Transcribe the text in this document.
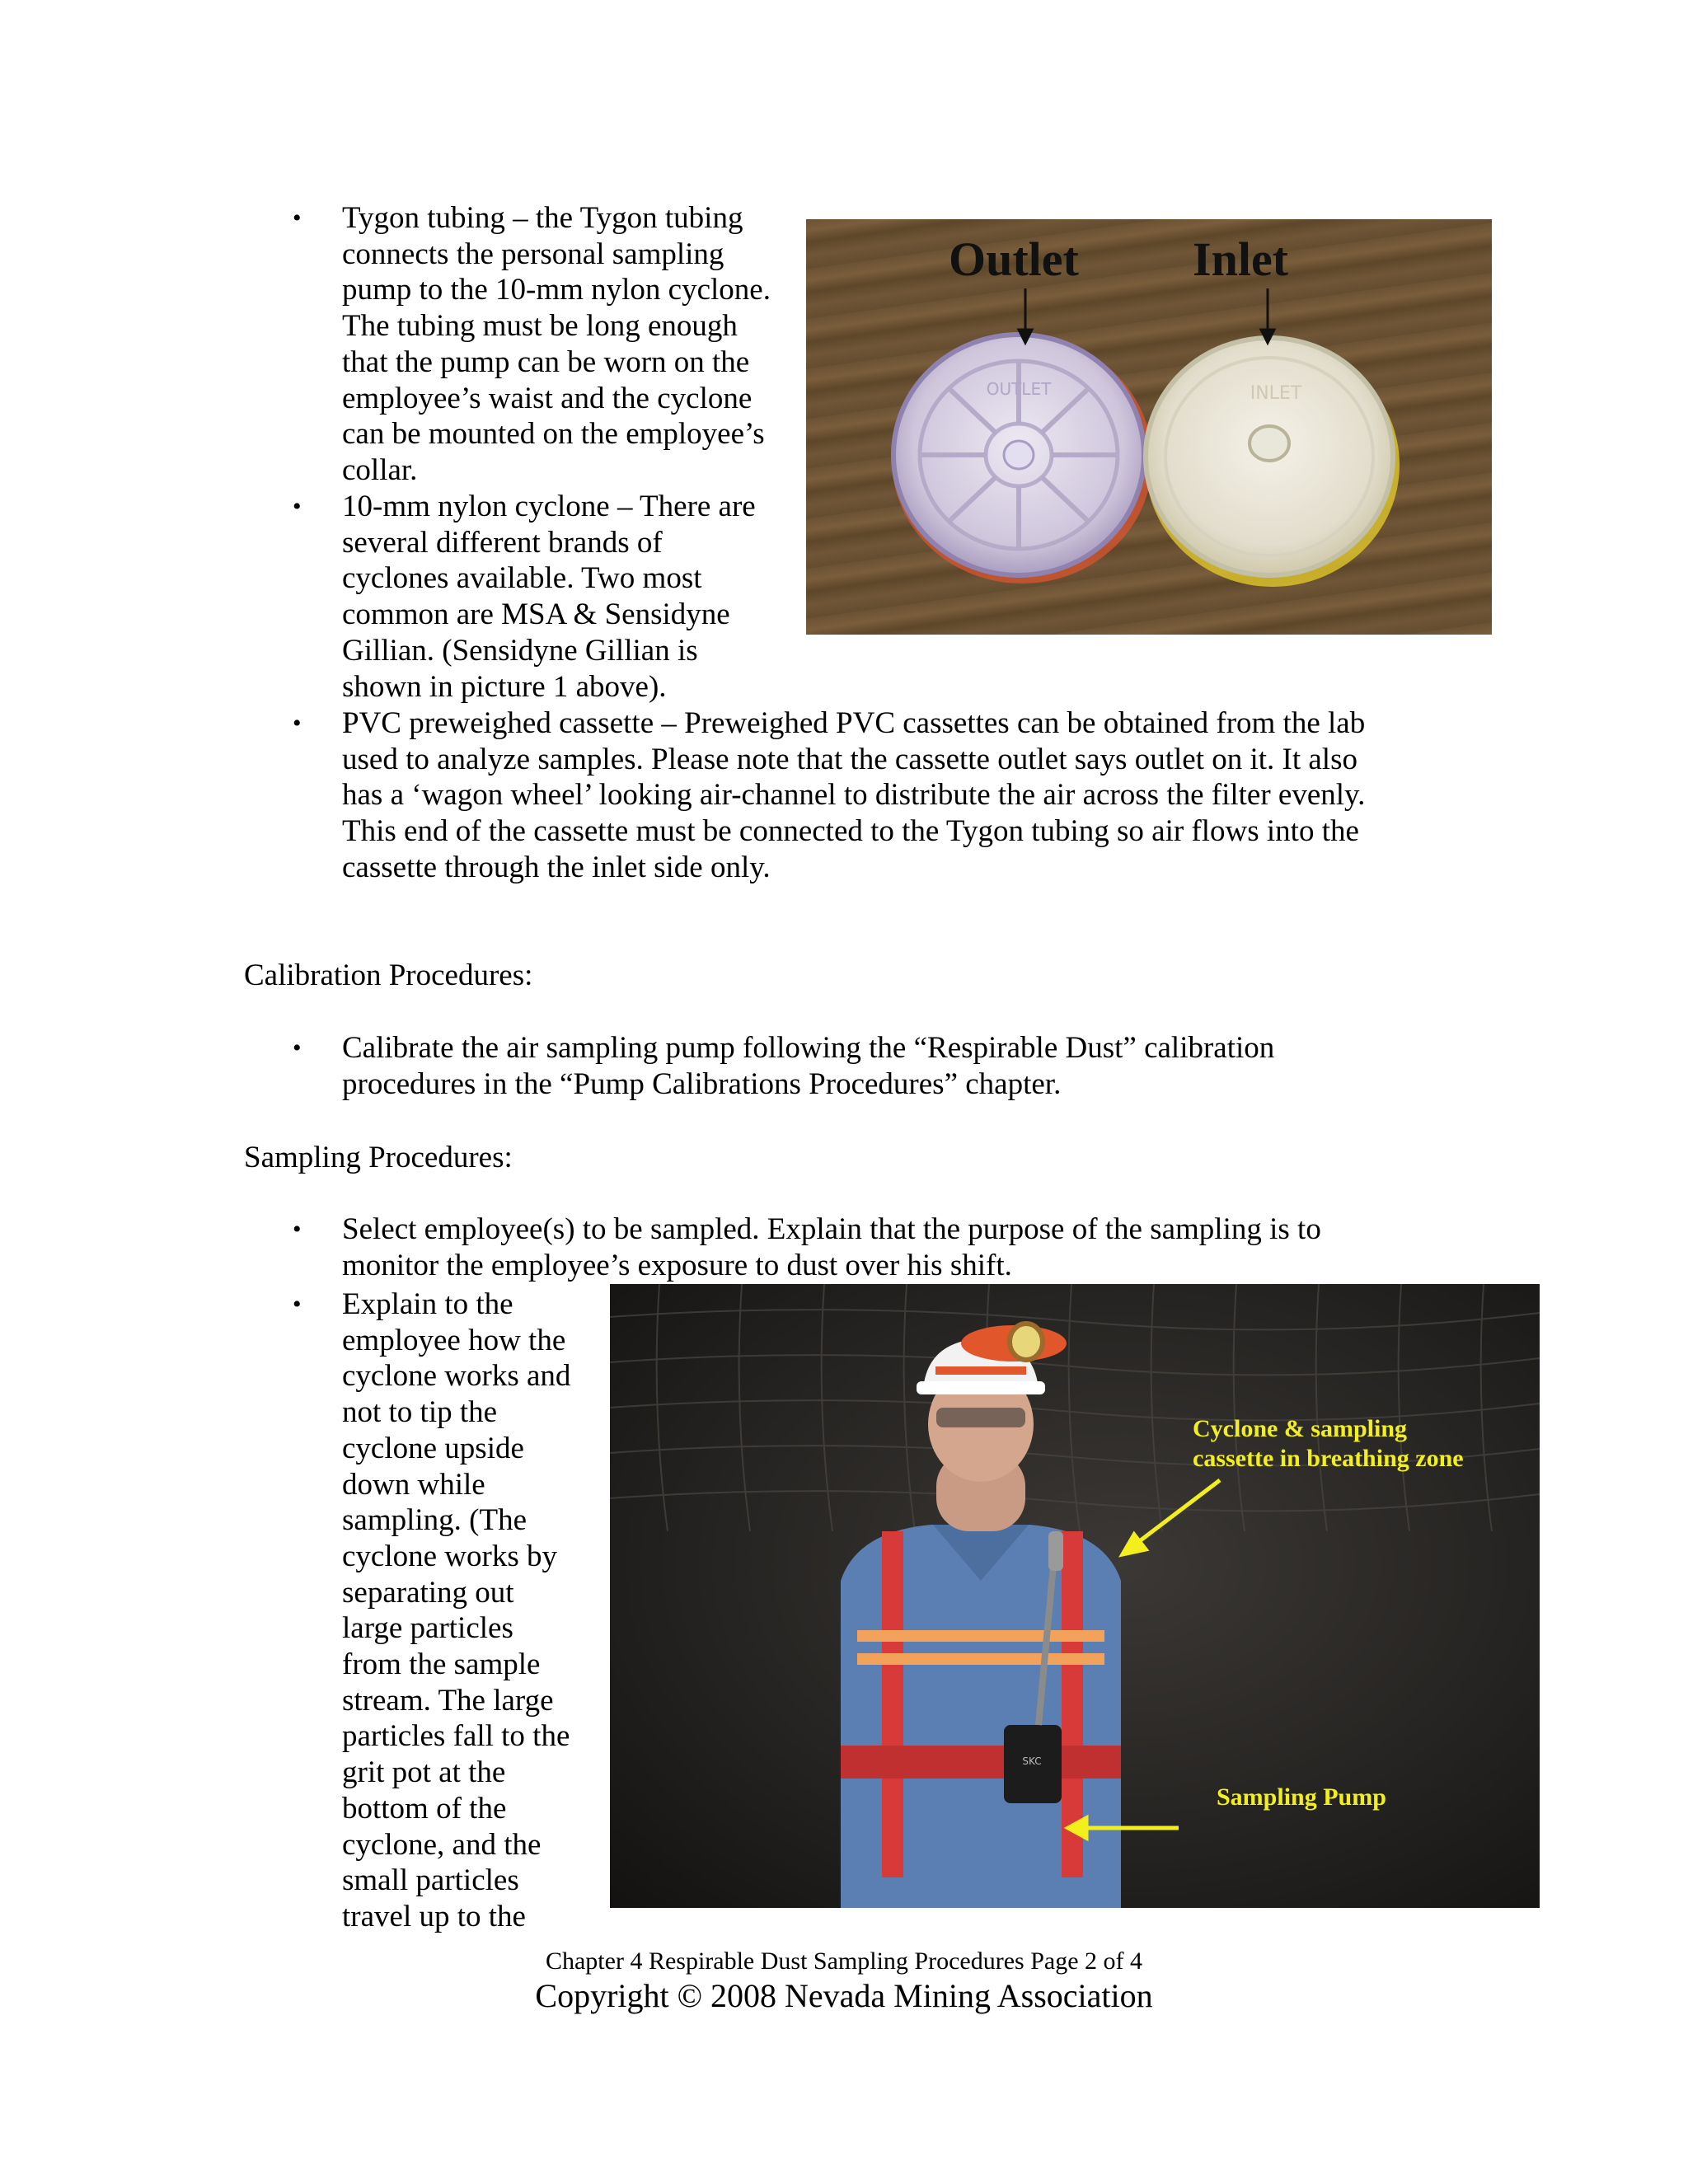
• Tygon tubing – the Tygon tubing
connects the personal sampling
pump to the 10-mm nylon cyclone.
The tubing must be long enough
that the pump can be worn on the
employee’s waist and the cyclone
can be mounted on the employee’s
collar.

• 10-mm nylon cyclone – There are
several different brands of
cyclones available. Two most
common are MSA & Sensidyne
Gillian. (Sensidyne Gillian is
shown in picture 1 above).

• PVC preweighed cassette – Preweighed PVC cassettes can be obtained from the lab
used to analyze samples. Please note that the cassette outlet says outlet on it. It also
has a ‘wagon wheel’ looking air-channel to distribute the air across the filter evenly.
This end of the cassette must be connected to the Tygon tubing so air flows into the
cassette through the inlet side only.

OUTLET	INLET
Outlet Inlet
Calibration Procedures:
• Calibrate the air sampling pump following the “Respirable Dust” calibration
procedures in the “Pump Calibrations Procedures” chapter.

Sampling Procedures:
• Select employee(s) to be sampled. Explain that the purpose of the sampling is to
monitor the employee’s exposure to dust over his shift.

• Explain to the
employee how the
cyclone works and
not to tip the
cyclone upside
down while
sampling. (The
cyclone works by
separating out
large particles
from the sample
stream. The large
particles fall to the
grit pot at the
bottom of the
cyclone, and the
small particles
travel up to the

SKC
Cyclone & sampling
cassette in breathing zone
Sampling Pump
Chapter 4 Respirable Dust Sampling Procedures Page 2 of 4
Copyright © 2008 Nevada Mining Association
